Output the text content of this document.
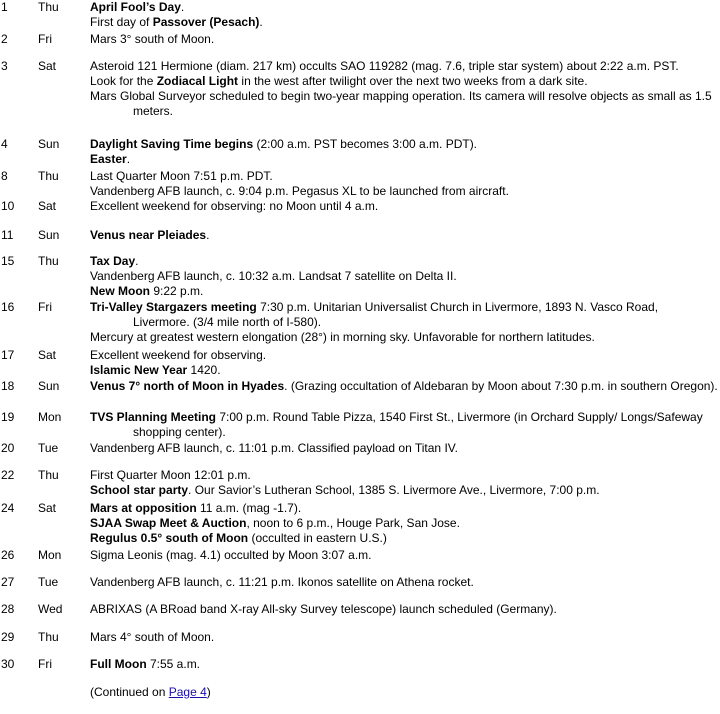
1	Thu	April Fool’s Day.
First day of Passover (Pesach).
2	Fri	Mars 3° south of Moon.
3	Sat	Asteroid 121 Hermione (diam. 217 km) occults SAO 119282 (mag. 7.6, triple star system) about 2:22 a.m. PST.
Look for the Zodiacal Light in the west after twilight over the next two weeks from a dark site.
Mars Global Surveyor scheduled to begin two-year mapping operation. Its camera will resolve objects as small as 1.5 meters.
4	Sun	Daylight Saving Time begins (2:00 a.m. PST becomes 3:00 a.m. PDT).
Easter.
8	Thu	Last Quarter Moon 7:51 p.m. PDT.
Vandenberg AFB launch, c. 9:04 p.m. Pegasus XL to be launched from aircraft.
10 Sat	Excellent weekend for observing: no Moon until 4 a.m.
11 Sun	Venus near Pleiades.
15 Thu	Tax Day.
Vandenberg AFB launch, c. 10:32 a.m. Landsat 7 satellite on Delta II.
New Moon 9:22 p.m.
16 Fri	Tri-Valley Stargazers meeting 7:30 p.m. Unitarian Universalist Church in Livermore, 1893 N. Vasco Road, Livermore. (3/4 mile north of I-580).
Mercury at greatest western elongation (28°) in morning sky. Unfavorable for northern latitudes.
17 Sat	Excellent weekend for observing.
Islamic New Year 1420.
18 Sun	Venus 7° north of Moon in Hyades. (Grazing occultation of Aldebaran by Moon about 7:30 p.m. in southern Oregon).
19 Mon TVS Planning Meeting 7:00 p.m. Round Table Pizza, 1540 First St., Livermore (in Orchard Supply/ Longs/Safeway shopping center).
20 Tue	Vandenberg AFB launch, c. 11:01 p.m. Classified payload on Titan IV.
22 Thu	First Quarter Moon 12:01 p.m.
School star party. Our Savior’s Lutheran School, 1385 S. Livermore Ave., Livermore, 7:00 p.m.
24 Sat	Mars at opposition 11 a.m. (mag -1.7).
SJAA Swap Meet & Auction, noon to 6 p.m., Houge Park, San Jose.
Regulus 0.5° south of Moon (occulted in eastern U.S.)
26 Mon Sigma Leonis (mag. 4.1) occulted by Moon 3:07 a.m.
27 Tue	Vandenberg AFB launch, c. 11:21 p.m. Ikonos satellite on Athena rocket.
28 Wed ABRIXAS (A BRoad band X-ray All-sky Survey telescope) launch scheduled (Germany).
29 Thu	Mars 4° south of Moon.
30 Fri	Full Moon 7:55 a.m.
(Continued on Page 4)
